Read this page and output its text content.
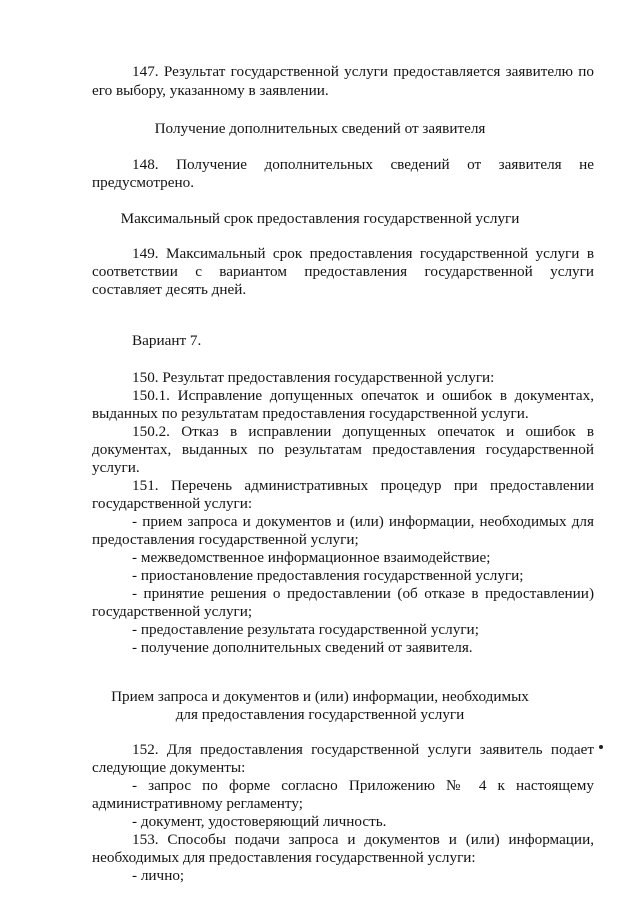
147. Результат государственной услуги предоставляется заявителю по

его выбору, указанному в заявлении.

Получение дополнительных сведений от заявителя

148. Получение дополнительных сведений от заявителя не

предусмотрено.

Максимальный срок предоставления государственной услуги

149. Максимальный срок предоставления государственной услуги в

соответствии с вариантом предоставления государственной услуги

составляет десять дней.

Вариант 7.

150. Результат предоставления государственной услуги:

150.1. Исправление допущенных опечаток и ошибок в документах,

выданных по результатам предоставления государственной услуги.

150.2. Отказ в исправлении допущенных опечаток и ошибок в

документах, выданных по результатам предоставления государственной

услуги.

151. Перечень административных процедур при предоставлении

государственной услуги:

- прием запроса и документов и (или) информации, необходимых для

предоставления государственной услуги;

- межведомственное информационное взаимодействие;

- приостановление предоставления государственной услуги;

- принятие решения о предоставлении (об отказе в предоставлении)

государственной услуги;

- предоставление результата государственной услуги;

- получение дополнительных сведений от заявителя.

Прием запроса и документов и (или) информации, необходимых

для предоставления государственной услуги

152. Для предоставления государственной услуги заявитель подает

следующие документы:

- запрос по форме согласно Приложению № 4 к настоящему

административному регламенту;

- документ, удостоверяющий личность.

153. Способы подачи запроса и документов и (или) информации,

необходимых для предоставления государственной услуги:

- лично;
